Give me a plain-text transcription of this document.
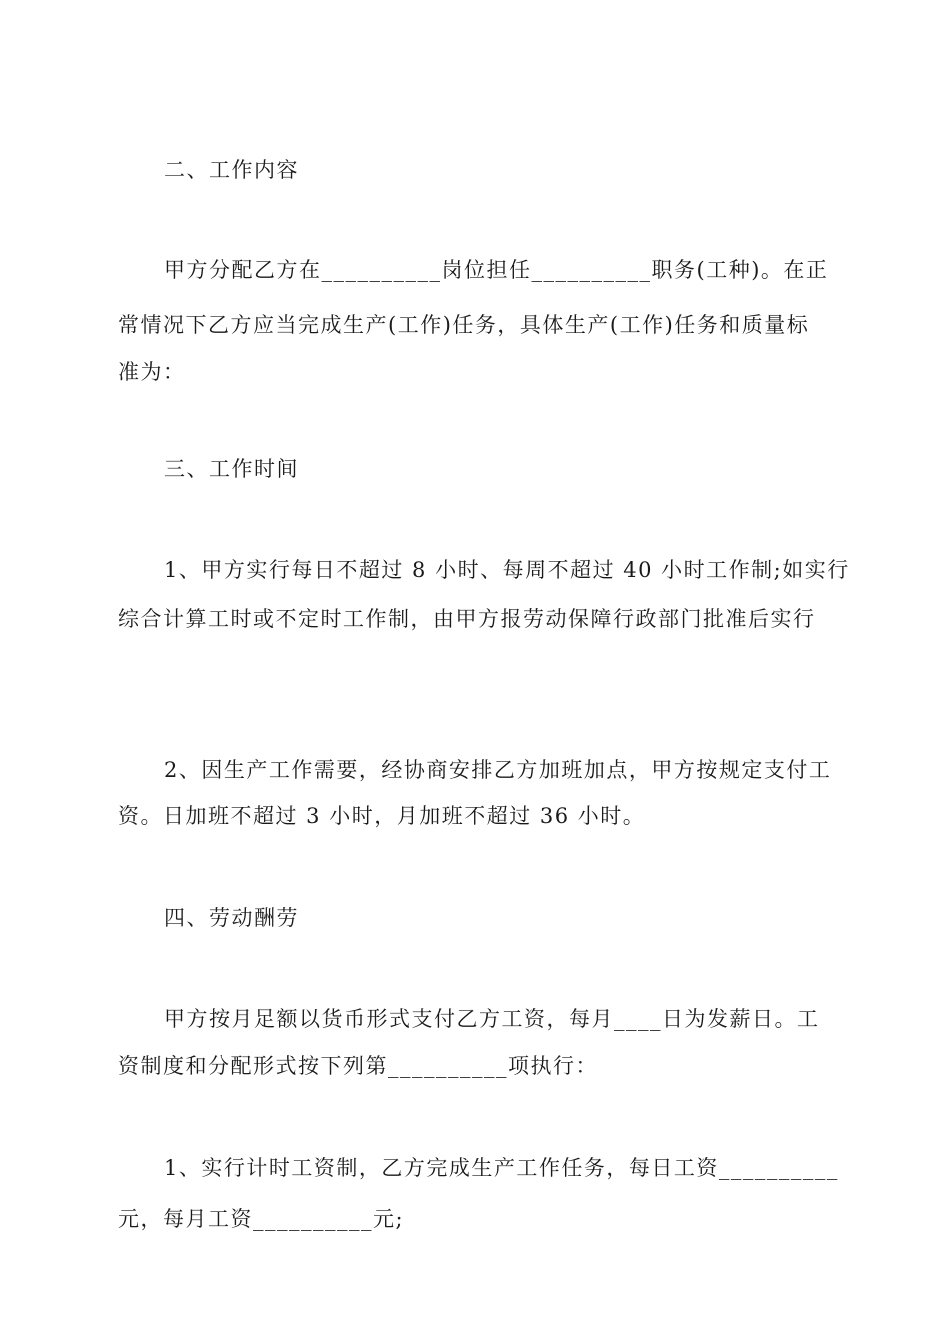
二、工作内容
甲方分配乙方在__________岗位担任__________职务(工种)。在正
常情况下乙方应当完成生产(工作)任务，具体生产(工作)任务和质量标
准为：
三、工作时间
1、甲方实行每日不超过 8 小时、每周不超过 40 小时工作制;如实行
综合计算工时或不定时工作制，由甲方报劳动保障行政部门批准后实行
2、因生产工作需要，经协商安排乙方加班加点，甲方按规定支付工
资。日加班不超过 3 小时，月加班不超过 36 小时。
四、劳动酬劳
甲方按月足额以货币形式支付乙方工资，每月____日为发薪日。工
资制度和分配形式按下列第__________项执行：
1、实行计时工资制，乙方完成生产工作任务，每日工资__________
元，每月工资__________元;
